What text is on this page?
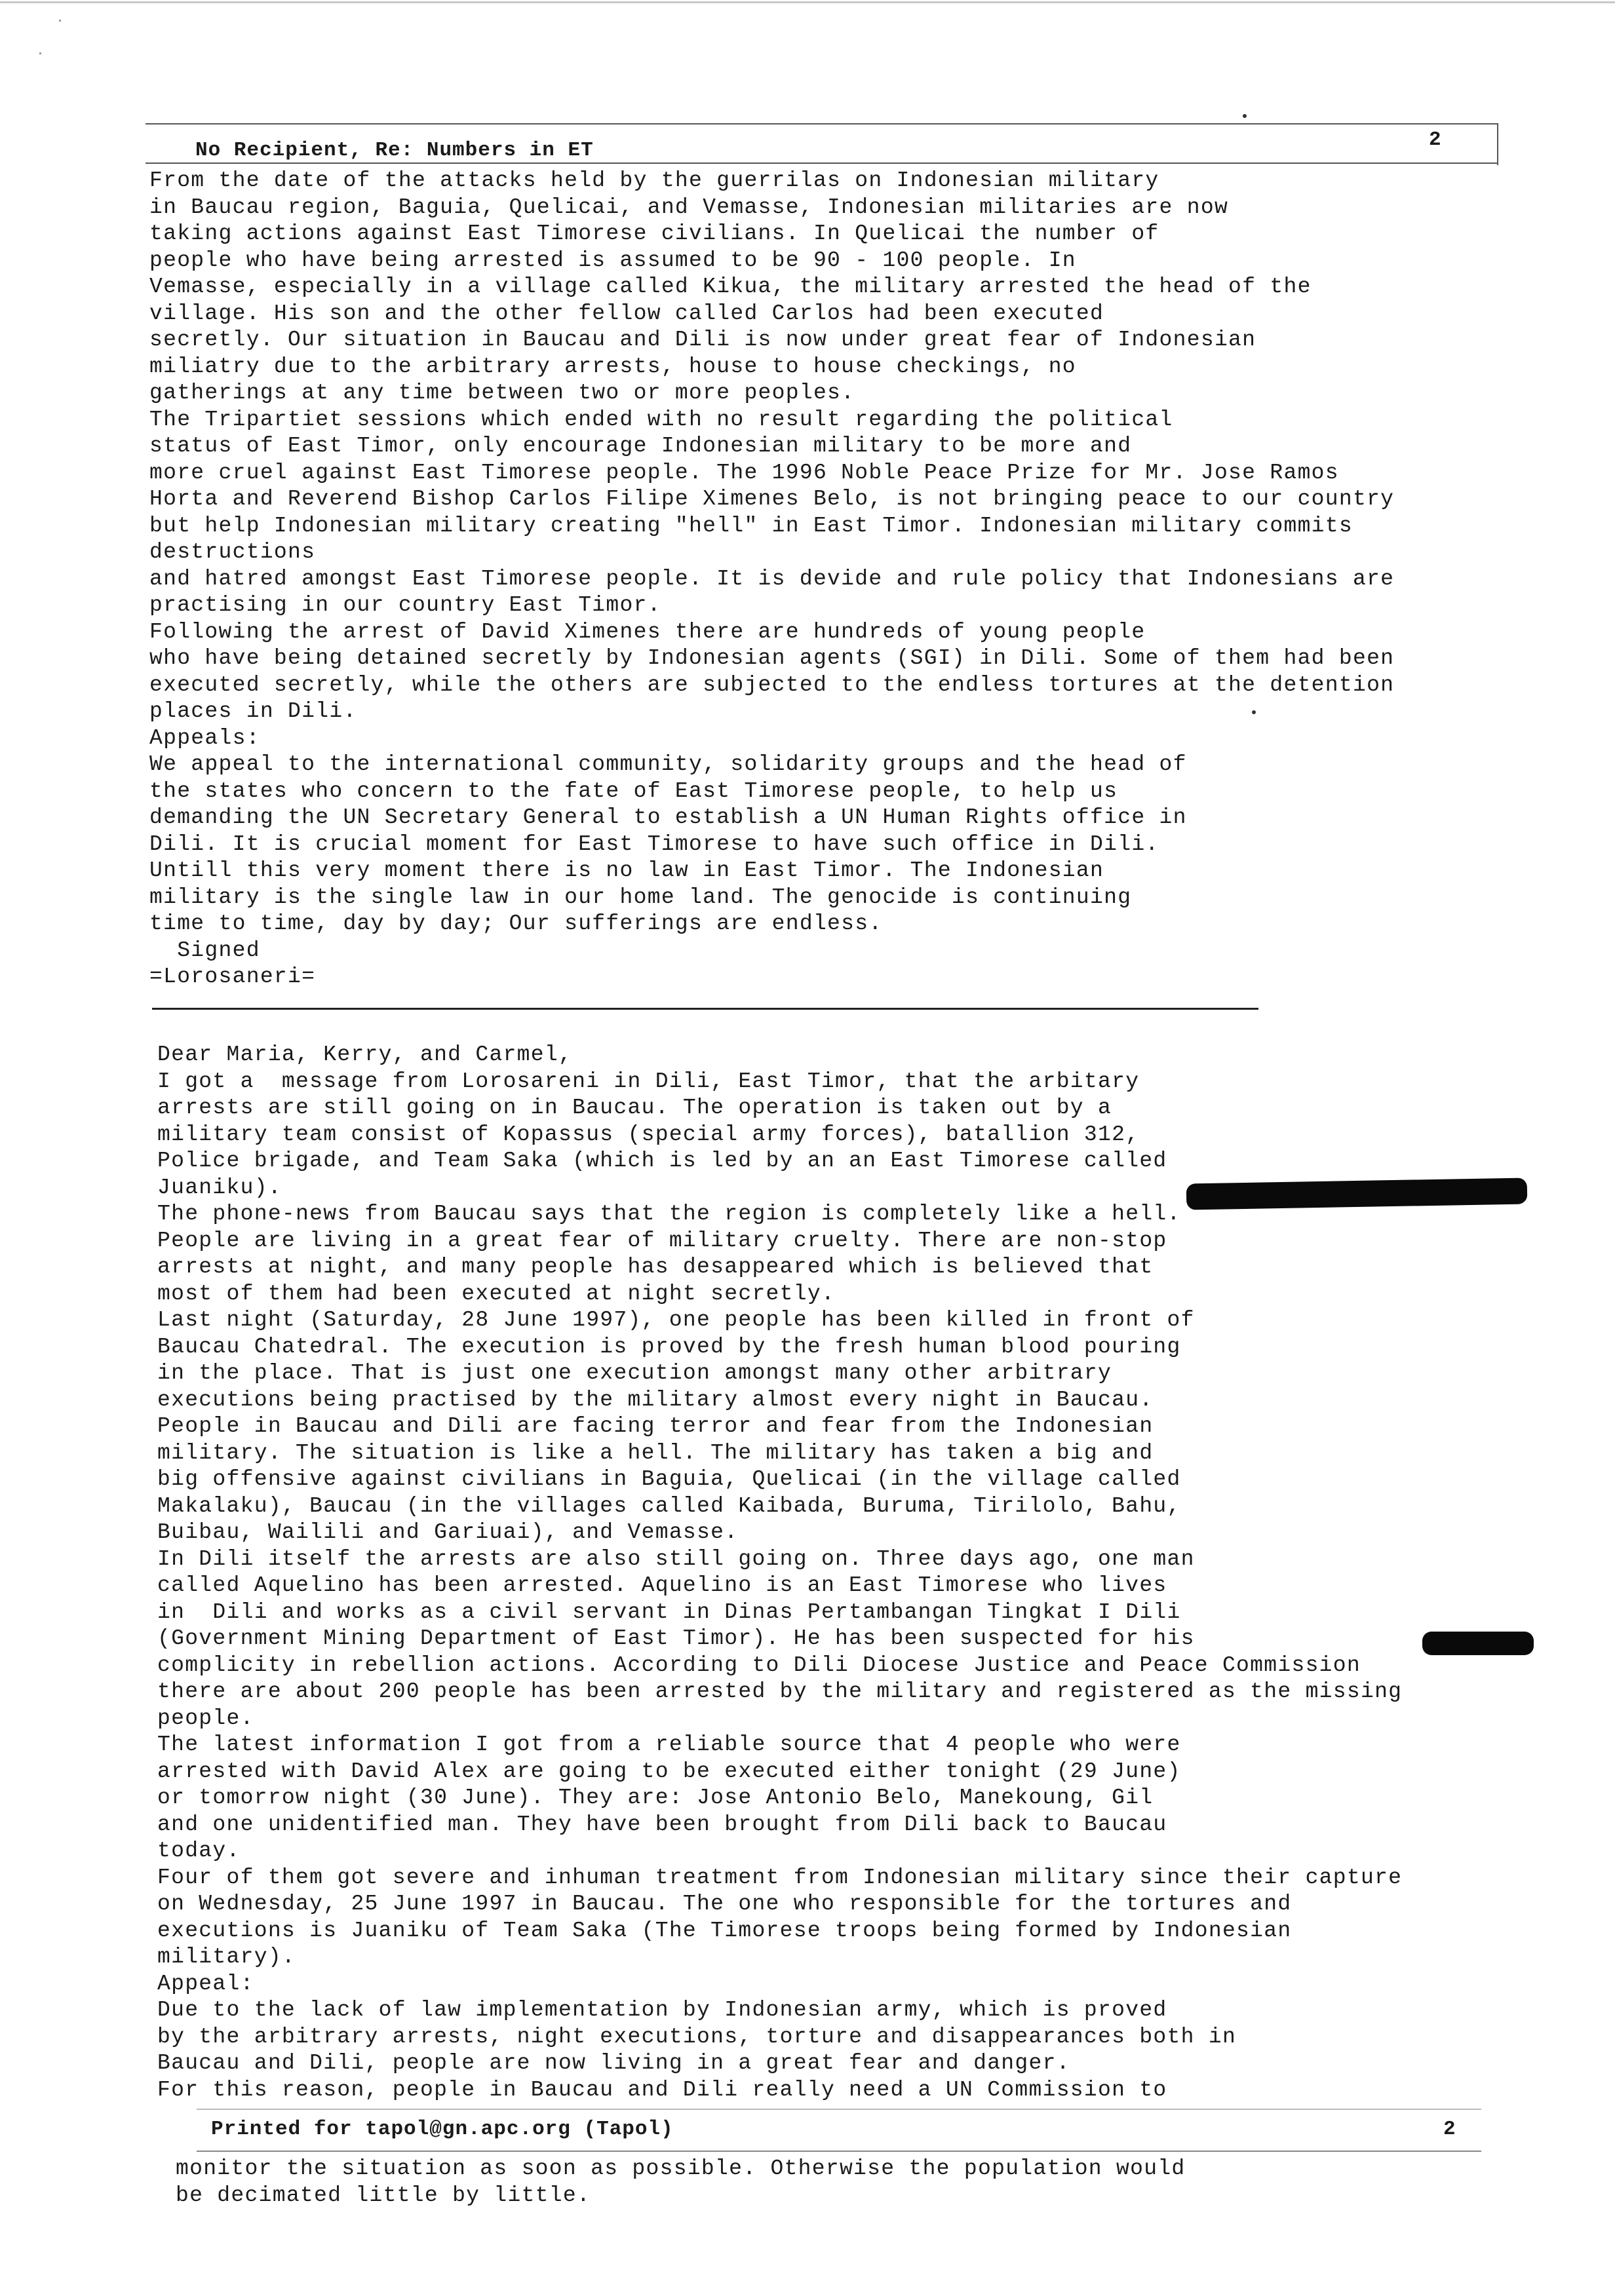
No Recipient, Re: Numbers in ET	2
From the date of the attacks held by the guerrilas on Indonesian military
in Baucau region, Baguia, Quelicai, and Vemasse, Indonesian militaries are now
taking actions against East Timorese civilians. In Quelicai the number of
people who have being arrested is assumed to be 90 - 100 people. In
Vemasse, especially in a village called Kikua, the military arrested the head of the
village. His son and the other fellow called Carlos had been executed
secretly. Our situation in Baucau and Dili is now under great fear of Indonesian
miliatry due to the arbitrary arrests, house to house checkings, no
gatherings at any time between two or more peoples.
The Tripartiet sessions which ended with no result regarding the political
status of East Timor, only encourage Indonesian military to be more and
more cruel against East Timorese people. The 1996 Noble Peace Prize for Mr. Jose Ramos
Horta and Reverend Bishop Carlos Filipe Ximenes Belo, is not bringing peace to our country
but help Indonesian military creating "hell" in East Timor. Indonesian military commits
destructions
and hatred amongst East Timorese people. It is devide and rule policy that Indonesians are
practising in our country East Timor.
Following the arrest of David Ximenes there are hundreds of young people
who have being detained secretly by Indonesian agents (SGI) in Dili. Some of them had been
executed secretly, while the others are subjected to the endless tortures at the detention
places in Dili.
Appeals:
We appeal to the international community, solidarity groups and the head of
the states who concern to the fate of East Timorese people, to help us
demanding the UN Secretary General to establish a UN Human Rights office in
Dili. It is crucial moment for East Timorese to have such office in Dili.
Untill this very moment there is no law in East Timor. The Indonesian
military is the single law in our home land. The genocide is continuing
time to time, day by day; Our sufferings are endless.
Signed
=Lorosaneri=
Dear Maria, Kerry, and Carmel,
I got a  message from Lorosareni in Dili, East Timor, that the arbitary
arrests are still going on in Baucau. The operation is taken out by a
military team consist of Kopassus (special army forces), batallion 312,
Police brigade, and Team Saka (which is led by an an East Timorese called
Juaniku).
The phone-news from Baucau says that the region is completely like a hell.
People are living in a great fear of military cruelty. There are non-stop
arrests at night, and many people has desappeared which is believed that
most of them had been executed at night secretly.
Last night (Saturday, 28 June 1997), one people has been killed in front of
Baucau Chatedral. The execution is proved by the fresh human blood pouring
in the place. That is just one execution amongst many other arbitrary
executions being practised by the military almost every night in Baucau.
People in Baucau and Dili are facing terror and fear from the Indonesian
military. The situation is like a hell. The military has taken a big and
big offensive against civilians in Baguia, Quelicai (in the village called
Makalaku), Baucau (in the villages called Kaibada, Buruma, Tirilolo, Bahu,
Buibau, Wailili and Gariuai), and Vemasse.
In Dili itself the arrests are also still going on. Three days ago, one man
called Aquelino has been arrested. Aquelino is an East Timorese who lives
in  Dili and works as a civil servant in Dinas Pertambangan Tingkat I Dili
(Government Mining Department of East Timor). He has been suspected for his
complicity in rebellion actions. According to Dili Diocese Justice and Peace Commission
there are about 200 people has been arrested by the military and registered as the missing
people.
The latest information I got from a reliable source that 4 people who were
arrested with David Alex are going to be executed either tonight (29 June)
or tomorrow night (30 June). They are: Jose Antonio Belo, Manekoung, Gil
and one unidentified man. They have been brought from Dili back to Baucau
today.
Four of them got severe and inhuman treatment from Indonesian military since their capture
on Wednesday, 25 June 1997 in Baucau. The one who responsible for the tortures and
executions is Juaniku of Team Saka (The Timorese troops being formed by Indonesian
military).
Appeal:
Due to the lack of law implementation by Indonesian army, which is proved
by the arbitrary arrests, night executions, torture and disappearances both in
Baucau and Dili, people are now living in a great fear and danger.
For this reason, people in Baucau and Dili really need a UN Commission to
Printed for tapol@gn.apc.org (Tapol)	2
monitor the situation as soon as possible. Otherwise the population would
be decimated little by little.
